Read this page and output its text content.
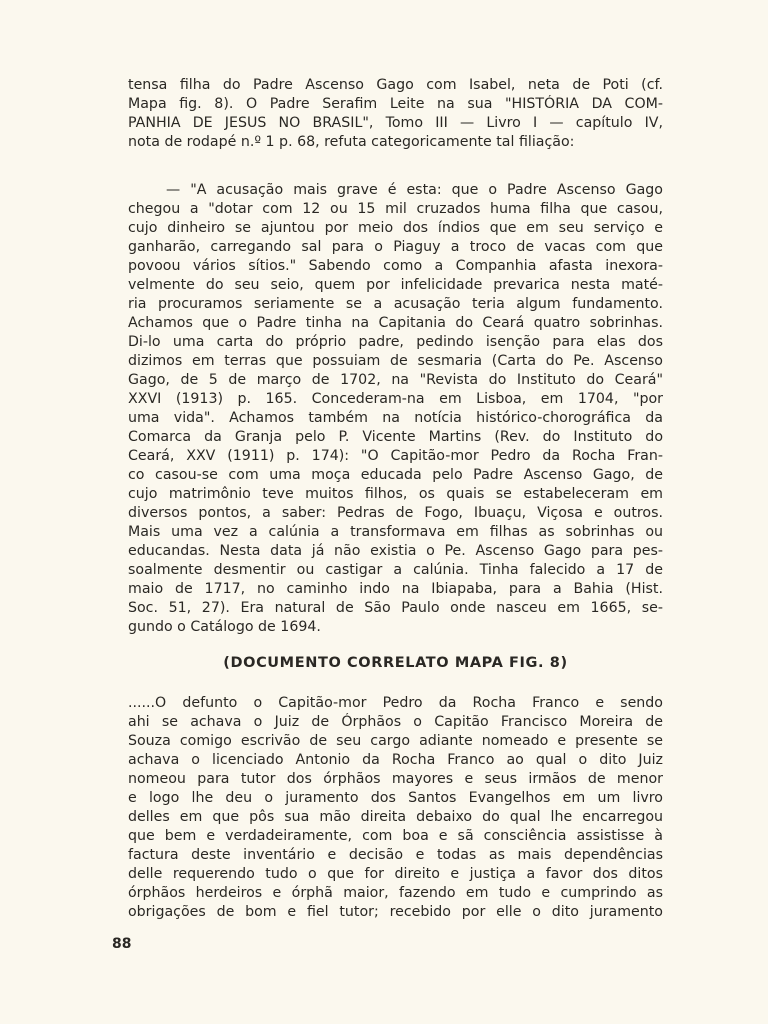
tensa filha do Padre Ascenso Gago com Isabel, neta de Poti (cf.
Mapa fig. 8). O Padre Serafim Leite na sua "HISTÓRIA DA COM-
PANHIA DE JESUS NO BRASIL", Tomo III — Livro I — capítulo IV,
nota de rodapé n.º 1 p. 68, refuta categoricamente tal filiação:
— "A acusação mais grave é esta: que o Padre Ascenso Gago
chegou a "dotar com 12 ou 15 mil cruzados huma filha que casou,
cujo dinheiro se ajuntou por meio dos índios que em seu serviço e
ganharão, carregando sal para o Piaguy a troco de vacas com que
povoou vários sítios." Sabendo como a Companhia afasta inexora-
velmente do seu seio, quem por infelicidade prevarica nesta maté-
ria procuramos seriamente se a acusação teria algum fundamento.
Achamos que o Padre tinha na Capitania do Ceará quatro sobrinhas.
Di-lo uma carta do próprio padre, pedindo isenção para elas dos
dizimos em terras que possuiam de sesmaria (Carta do Pe. Ascenso
Gago, de 5 de março de 1702, na "Revista do Instituto do Ceará"
XXVI (1913) p. 165. Concederam-na em Lisboa, em 1704, "por
uma vida". Achamos também na notícia histórico-chorográfica da
Comarca da Granja pelo P. Vicente Martins (Rev. do Instituto do
Ceará, XXV (1911) p. 174): "O Capitão-mor Pedro da Rocha Fran-
co casou-se com uma moça educada pelo Padre Ascenso Gago, de
cujo matrimônio teve muitos filhos, os quais se estabeleceram em
diversos pontos, a saber: Pedras de Fogo, Ibuaçu, Viçosa e outros.
Mais uma vez a calúnia a transformava em filhas as sobrinhas ou
educandas. Nesta data já não existia o Pe. Ascenso Gago para pes-
soalmente desmentir ou castigar a calúnia. Tinha falecido a 17 de
maio de 1717, no caminho indo na Ibiapaba, para a Bahia (Hist.
Soc. 51, 27). Era natural de São Paulo onde nasceu em 1665, se-
gundo o Catálogo de 1694.
(DOCUMENTO CORRELATO MAPA FIG. 8)
......O defunto o Capitão-mor Pedro da Rocha Franco e sendo
ahi se achava o Juiz de Órphãos o Capitão Francisco Moreira de
Souza comigo escrivão de seu cargo adiante nomeado e presente se
achava o licenciado Antonio da Rocha Franco ao qual o dito Juiz
nomeou para tutor dos órphãos mayores e seus irmãos de menor
e logo lhe deu o juramento dos Santos Evangelhos em um livro
delles em que pôs sua mão direita debaixo do qual lhe encarregou
que bem e verdadeiramente, com boa e sã consciência assistisse à
factura deste inventário e decisão e todas as mais dependências
delle requerendo tudo o que for direito e justiça a favor dos ditos
órphãos herdeiros e órphã maior, fazendo em tudo e cumprindo as
obrigações de bom e fiel tutor; recebido por elle o dito juramento
88
